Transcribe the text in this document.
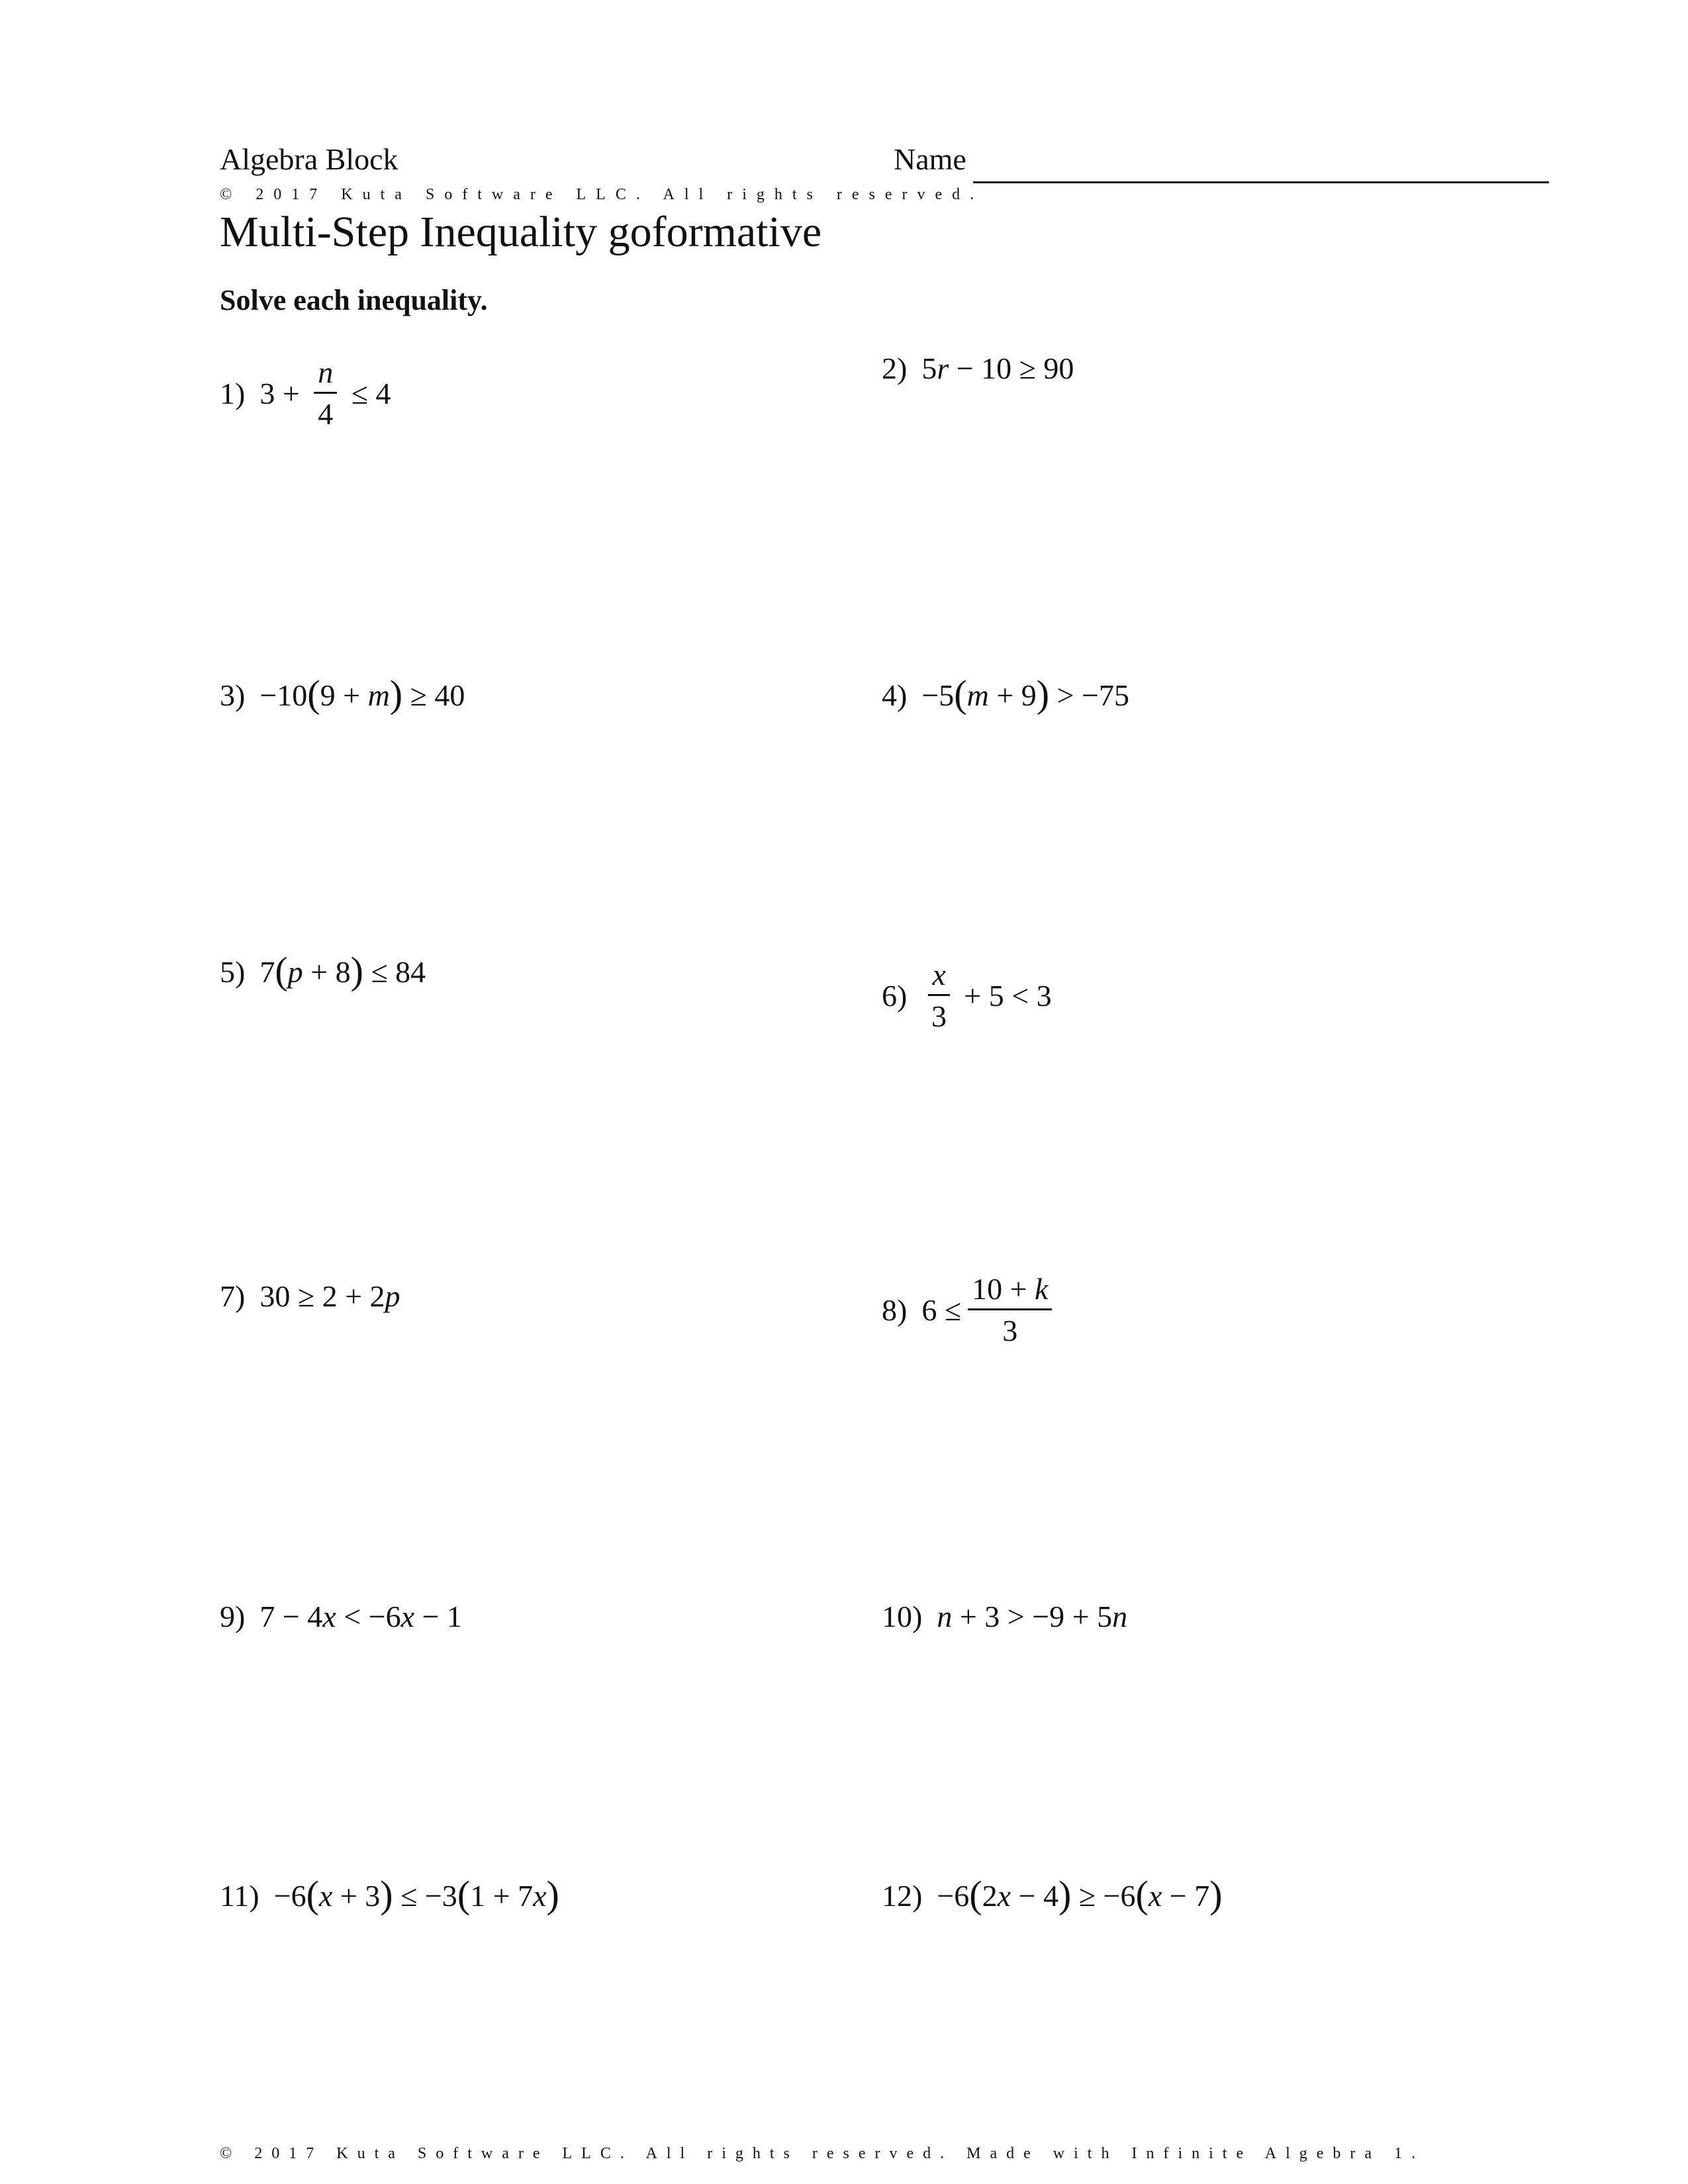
Algebra Block	Name
© 2017 Kuta Software LLC. All rights reserved.
Multi-Step Inequality goformative
Solve each inequality.
1) $3 + \frac{n}{4} \le 4$
2) 5 r − 10 ≥ 90
3) −10 ( 9 + m ) ≥ 40	4) −5 ( m + 9 ) > −75
5) 7 ( p + 8 ) ≤ 84
$6) \frac{x}{3} + 5 < 3$
7) 30 ≥ 2 + 2 p	8) $6 \le \frac{10 + k}{3}$
9) 7 − 4 x < −6 x − 1	10) n + 3 > −9 + 5 n
11) −6 ( x + 3 ) ≤ −3 ( 1 + 7 x )	12) −6 ( 2 x − 4 ) ≥ −6 ( x − 7 )
© 2017 Kuta Software LLC. All rights reserved. Made with Infinite Algebra 1.
